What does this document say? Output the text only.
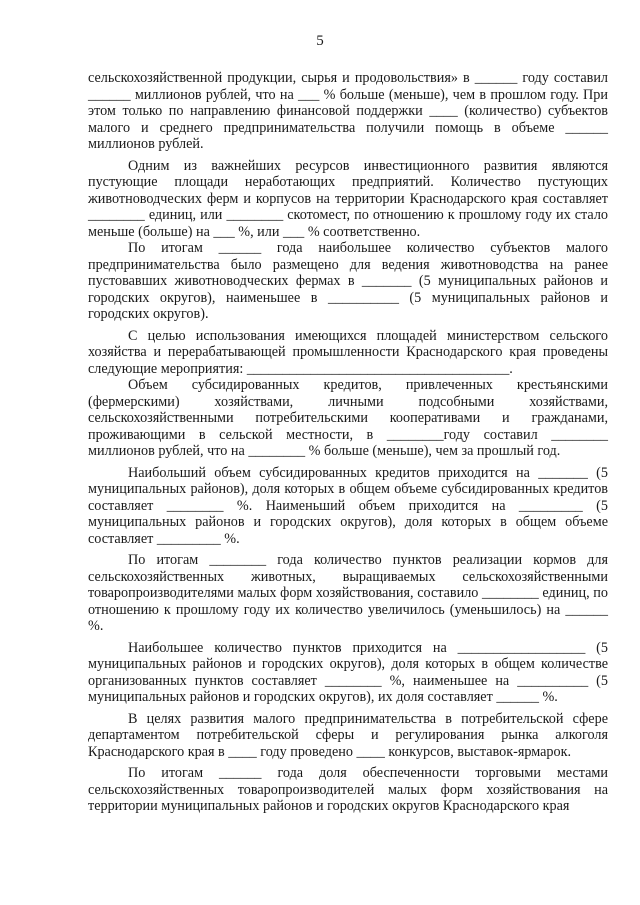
5

сельскохозяйственной продукции, сырья и продовольствия» в ______ году составил ______ миллионов рублей, что на ___ % больше (меньше), чем в прошлом году. При этом только по направлению финансовой поддержки ____ (количество) субъектов малого и среднего предпринимательства получили помощь в объеме ______ миллионов рублей.

Одним из важнейших ресурсов инвестиционного развития являются пустующие площади неработающих предприятий. Количество пустующих животноводческих ферм и корпусов на территории Краснодарского края составляет ________ единиц, или ________ скотомест, по отношению к прошлому году их стало меньше (больше) на ___ %, или ___ % соответственно.

По итогам ______ года наибольшее количество субъектов малого предпринимательства было размещено для ведения животноводства на ранее пустовавших животноводческих фермах в _______ (5 муниципальных районов и городских округов), наименьшее в __________ (5 муниципальных районов и городских округов).

С целью использования имеющихся площадей министерством сельского хозяйства и перерабатывающей промышленности Краснодарского края проведены следующие мероприятия: _____________________________________.

Объем субсидированных кредитов, привлеченных крестьянскими (фермерскими) хозяйствами, личными подсобными хозяйствами, сельскохозяйственными потребительскими кооперативами и гражданами, проживающими в сельской местности, в ________году составил ________ миллионов рублей, что на ________ % больше (меньше), чем за прошлый год.

Наибольший объем субсидированных кредитов приходится на _______ (5 муниципальных районов), доля которых в общем объеме субсидированных кредитов составляет ________ %. Наименьший объем приходится на _________ (5 муниципальных районов и городских округов), доля которых в общем объеме составляет _________ %.

По итогам ________ года количество пунктов реализации кормов для сельскохозяйственных животных, выращиваемых сельскохозяйственными товаропроизводителями малых форм хозяйствования, составило ________ единиц, по отношению к прошлому году их количество увеличилось (уменьшилось) на ______ %.

Наибольшее количество пунктов приходится на __________________ (5 муниципальных районов и городских округов), доля которых в общем количестве организованных пунктов составляет ________ %, наименьшее на __________ (5 муниципальных районов и городских округов), их доля составляет ______ %.

В целях развития малого предпринимательства в потребительской сфере департаментом потребительской сферы и регулирования рынка алкоголя Краснодарского края в ____ году проведено ____ конкурсов, выставок-ярмарок.

По итогам ______ года доля обеспеченности торговыми местами сельскохозяйственных товаропроизводителей малых форм хозяйствования на территории муниципальных районов и городских округов Краснодарского края
